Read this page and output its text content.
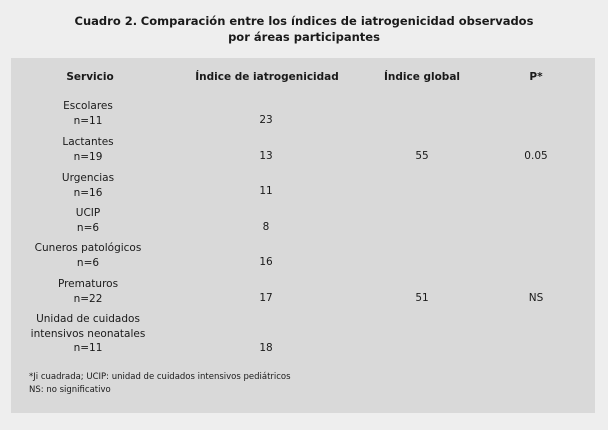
Cuadro 2. Comparación entre los índices de iatrogenicidad observados
por áreas participantes
Servicio	Índice de iatrogenicidad	Índice global	P*
Escolares
n=11	23
Lactantes
n=19	13	55	0.05
Urgencias
n=16	11
UCIP
n=6	8
Cuneros patológicos
n=6	16
Prematuros
n=22	17	51	NS
Unidad de cuidados
intensivos neonatales
n=11	18
*Ji cuadrada; UCIP: unidad de cuidados intensivos pediátricos
NS: no significativo
